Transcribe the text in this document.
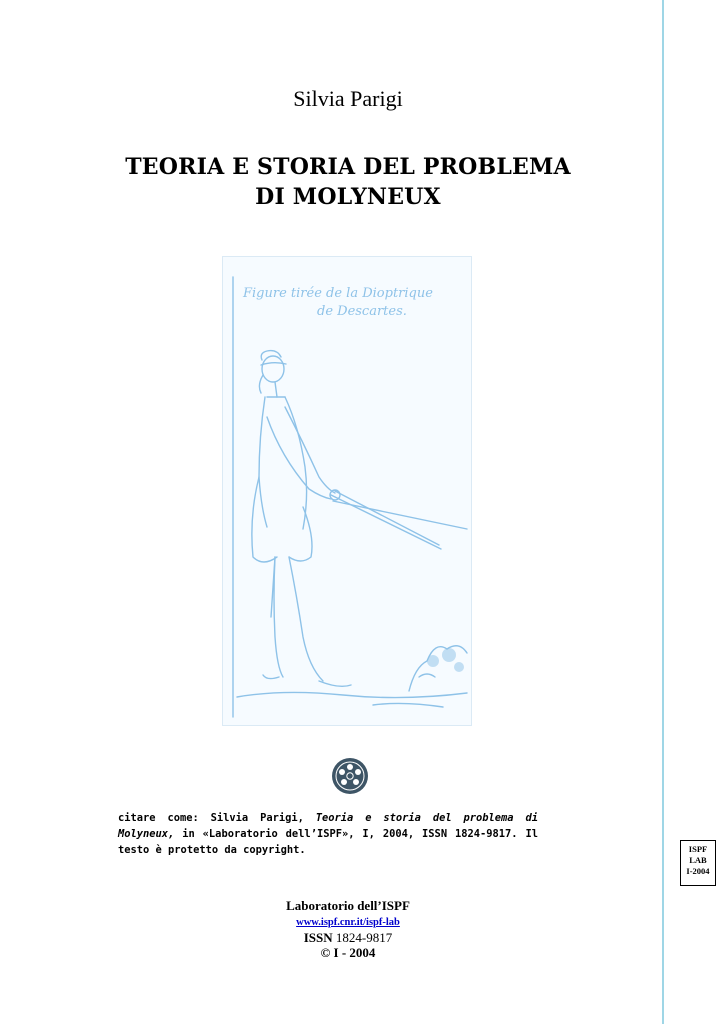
Silvia Parigi
TEORIA E STORIA DEL PROBLEMA
DI MOLYNEUX
Figure tirée de la Dioptrique
de Descartes.
citare come: Silvia Parigi, Teoria e storia del problema di Molyneux, in «Laboratorio dell’ISPF», I, 2004, ISSN 1824-9817. Il testo è protetto da copyright.	ISPF
LAB
I-2004
Laboratorio dell’ISPF
www.ispf.cnr.it/ispf-lab
ISSN 1824-9817
© I - 2004
